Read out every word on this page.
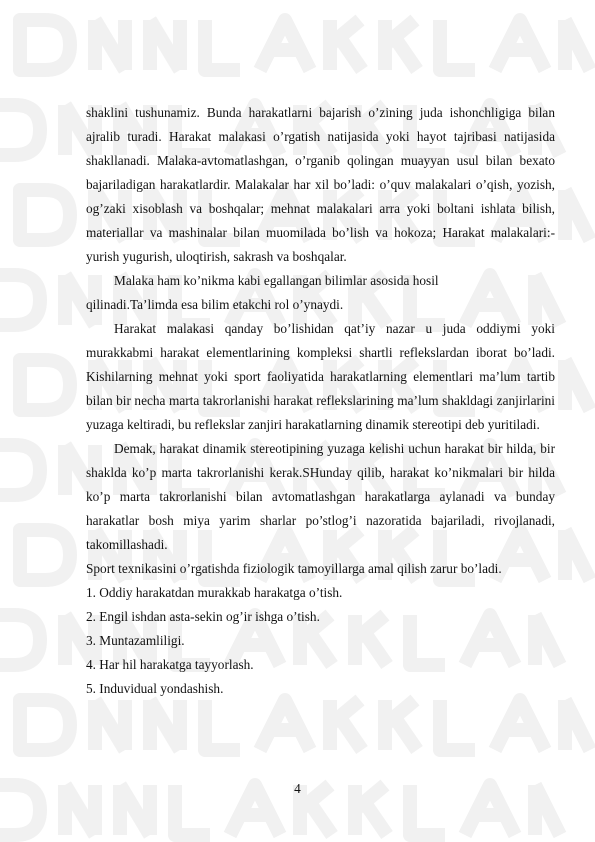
shaklini tushunamiz. Bunda harakatlarni bajarish o’zining juda ishonchligiga bilan ajralib turadi. Harakat malakasi o’rgatish natijasida yoki hayot tajribasi natijasida shakllanadi. Malaka-avtomatlashgan, o’rganib qolingan muayyan usul bilan bexato bajariladigan harakatlardir. Malakalar har xil bo’ladi: o’quv malakalari o’qish, yozish, og’zaki xisoblash va boshqalar; mehnat malakalari arra yoki boltani ishlata bilish, materiallar va mashinalar bilan muomilada bo’lish va hokoza; Harakat malakalari:- yurish yugurish, uloqtirish, sakrash va boshqalar.

Malaka ham ko’nikma kabi egallangan bilimlar asosida hosil

qilinadi.Ta’limda esa bilim etakchi rol o’ynaydi.

Harakat malakasi qanday bo’lishidan qat’iy nazar u juda oddiymi yoki murakkabmi harakat elementlarining kompleksi shartli reflekslardan iborat bo’ladi. Kishilarning mehnat yoki sport faoliyatida harakatlarning elementlari ma’lum tartib bilan bir necha marta takrorlanishi harakat reflekslarining ma’lum shakldagi zanjirlarini yuzaga keltiradi, bu reflekslar zanjiri harakatlarning dinamik stereotipi deb yuritiladi.

Demak, harakat dinamik stereotipining yuzaga kelishi uchun harakat bir hilda, bir shaklda ko’p marta takrorlanishi kerak.SHunday qilib, harakat ko’nikmalari bir hilda ko’p marta takrorlanishi bilan avtomatlashgan harakatlarga aylanadi va bunday harakatlar bosh miya yarim sharlar po’stlog’i nazoratida bajariladi, rivojlanadi, takomillashadi.

Sport texnikasini o’rgatishda fiziologik tamoyillarga amal qilish zarur bo’ladi.

1. Oddiy harakatdan murakkab harakatga o’tish.

2. Engil ishdan asta-sekin og’ir ishga o’tish.

3. Muntazamliligi.

4. Har hil harakatga tayyorlash.

5. Induvidual yondashish.

4
